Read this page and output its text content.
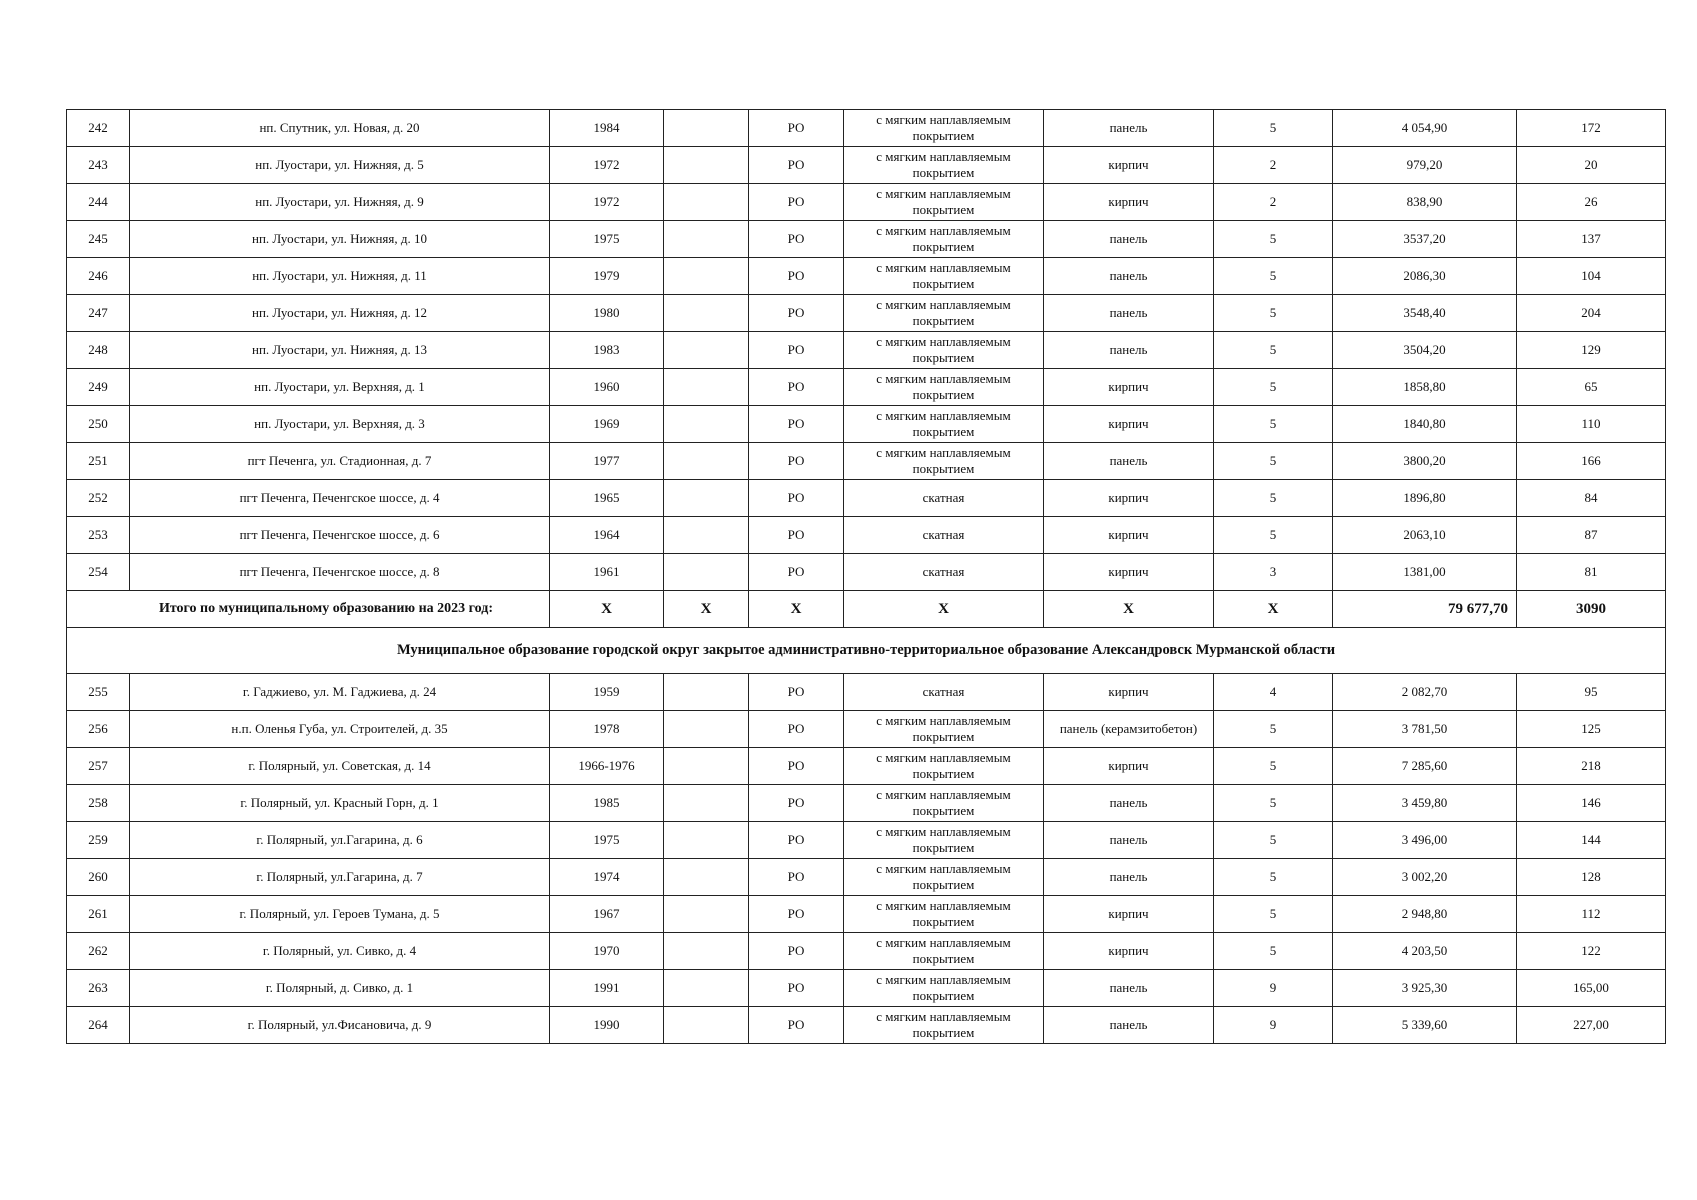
242	нп. Спутник, ул. Новая, д. 20	1984		РО	с мягким наплавляемым покрытием	панель	5	4 054,90	172
243	нп. Луостари, ул. Нижняя, д. 5	1972		РО	с мягким наплавляемым покрытием	кирпич	2	979,20	20
244	нп. Луостари, ул. Нижняя, д. 9	1972		РО	с мягким наплавляемым покрытием	кирпич	2	838,90	26
245	нп. Луостари, ул. Нижняя, д. 10	1975		РО	с мягким наплавляемым покрытием	панель	5	3537,20	137
246	нп. Луостари, ул. Нижняя, д. 11	1979		РО	с мягким наплавляемым покрытием	панель	5	2086,30	104
247	нп. Луостари, ул. Нижняя, д. 12	1980		РО	с мягким наплавляемым покрытием	панель	5	3548,40	204
248	нп. Луостари, ул. Нижняя, д. 13	1983		РО	с мягким наплавляемым покрытием	панель	5	3504,20	129
249	нп. Луостари, ул. Верхняя, д. 1	1960		РО	с мягким наплавляемым покрытием	кирпич	5	1858,80	65
250	нп. Луостари, ул. Верхняя, д. 3	1969		РО	с мягким наплавляемым покрытием	кирпич	5	1840,80	110
251	пгт Печенга, ул. Стадионная, д. 7	1977		РО	с мягким наплавляемым покрытием	панель	5	3800,20	166
252	пгт Печенга, Печенгское шоссе, д. 4	1965		РО	скатная	кирпич	5	1896,80	84
253	пгт Печенга, Печенгское шоссе, д. 6	1964		РО	скатная	кирпич	5	2063,10	87
254	пгт Печенга, Печенгское шоссе, д. 8	1961		РО	скатная	кирпич	3	1381,00	81
Итого по муниципальному образованию на 2023 год:		Х	Х	Х	Х	Х	Х	79 677,70	3090
Муниципальное образование городской округ закрытое административно-территориальное образование Александровск Мурманской области									
255	г. Гаджиево, ул. М. Гаджиева, д. 24	1959		РО	скатная	кирпич	4	2 082,70	95
256	н.п. Оленья Губа, ул. Строителей, д. 35	1978		РО	с мягким наплавляемым покрытием	панель (керамзитобетон)	5	3 781,50	125
257	г. Полярный, ул. Советская, д. 14	1966-1976		РО	с мягким наплавляемым покрытием	кирпич	5	7 285,60	218
258	г. Полярный, ул. Красный Горн, д. 1	1985		РО	с мягким наплавляемым покрытием	панель	5	3 459,80	146
259	г. Полярный, ул.Гагарина, д. 6	1975		РО	с мягким наплавляемым покрытием	панель	5	3 496,00	144
260	г. Полярный, ул.Гагарина, д. 7	1974		РО	с мягким наплавляемым покрытием	панель	5	3 002,20	128
261	г. Полярный, ул. Героев Тумана, д. 5	1967		РО	с мягким наплавляемым покрытием	кирпич	5	2 948,80	112
262	г. Полярный, ул. Сивко, д. 4	1970		РО	с мягким наплавляемым покрытием	кирпич	5	4 203,50	122
263	г. Полярный, д. Сивко, д. 1	1991		РО	с мягким наплавляемым покрытием	панель	9	3 925,30	165,00
264	г. Полярный, ул.Фисановича, д. 9	1990		РО	с мягким наплавляемым покрытием	панель	9	5 339,60	227,00
